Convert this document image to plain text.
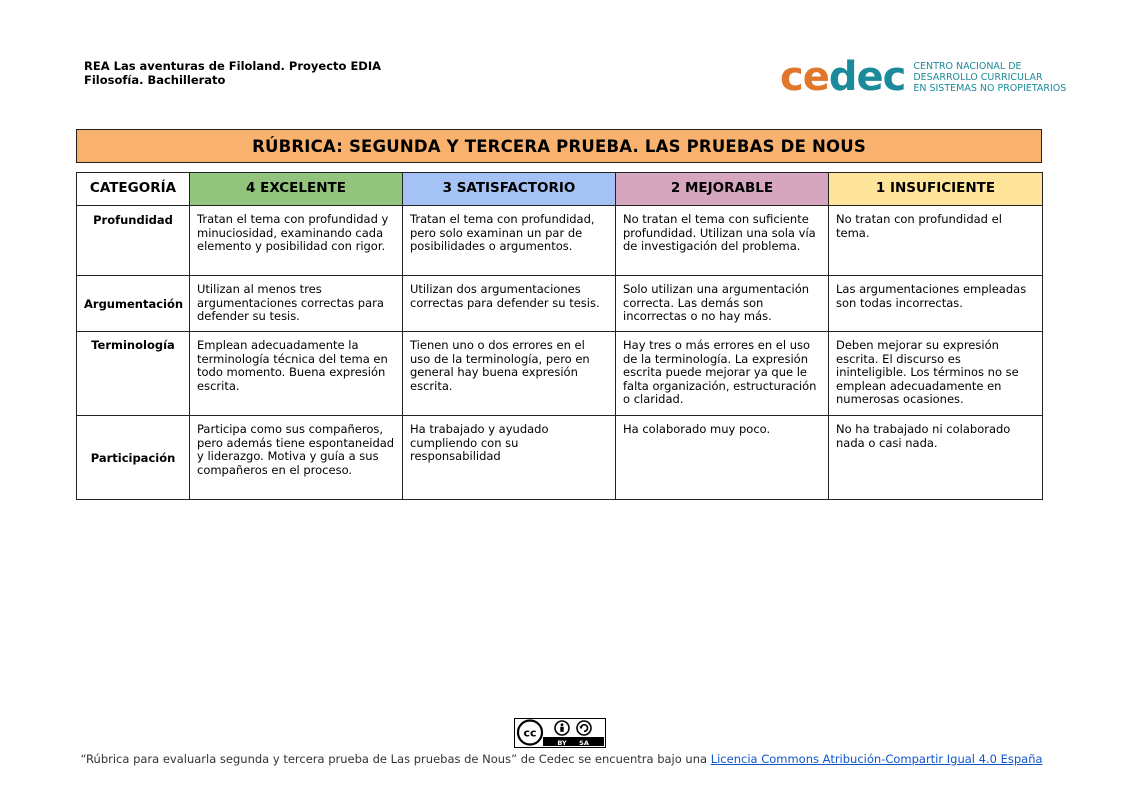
REA Las aventuras de Filoland. Proyecto EDIA
Filosofía. Bachillerato	cedec CENTRO NACIONAL DE
DESARROLLO CURRICULAR
EN SISTEMAS NO PROPIETARIOS
RÚBRICA: SEGUNDA Y TERCERA PRUEBA. LAS PRUEBAS DE NOUS
CATEGORÍA	4 EXCELENTE	3 SATISFACTORIO	2 MEJORABLE	1 INSUFICIENTE
Profundidad	Tratan el tema con profundidad y minuciosidad, examinando cada elemento y posibilidad con rigor.	Tratan el tema con profundidad, pero solo examinan un par de posibilidades o argumentos.	No tratan el tema con suficiente profundidad. Utilizan una sola vía de investigación del problema.	No tratan con profundidad el tema.
Argumentación	Utilizan al menos tres argumentaciones correctas para defender su tesis.	Utilizan dos argumentaciones correctas para defender su tesis.	Solo utilizan una argumentación correcta. Las demás son incorrectas o no hay más.	Las argumentaciones empleadas son todas incorrectas.
Terminología	Emplean adecuadamente la terminología técnica del tema en todo momento. Buena expresión escrita.	Tienen uno o dos errores en el uso de la terminología, pero en general hay buena expresión escrita.	Hay tres o más errores en el uso de la terminología. La expresión escrita puede mejorar ya que le falta organización, estructuración o claridad.	Deben mejorar su expresión escrita. El discurso es ininteligible. Los términos no se emplean adecuadamente en numerosas ocasiones.
Participación	Participa como sus compañeros, pero además tiene espontaneidad y liderazgo. Motiva y guía a sus compañeros en el proceso.	Ha trabajado y ayudado cumpliendo con su responsabilidad	Ha colaborado muy poco.	No ha trabajado ni colaborado nada o casi nada.
cc
BY SA
“Rúbrica para evaluarla segunda y tercera prueba de Las pruebas de Nous” de Cedec se encuentra bajo una Licencia Commons Atribución-Compartir Igual 4.0 España
